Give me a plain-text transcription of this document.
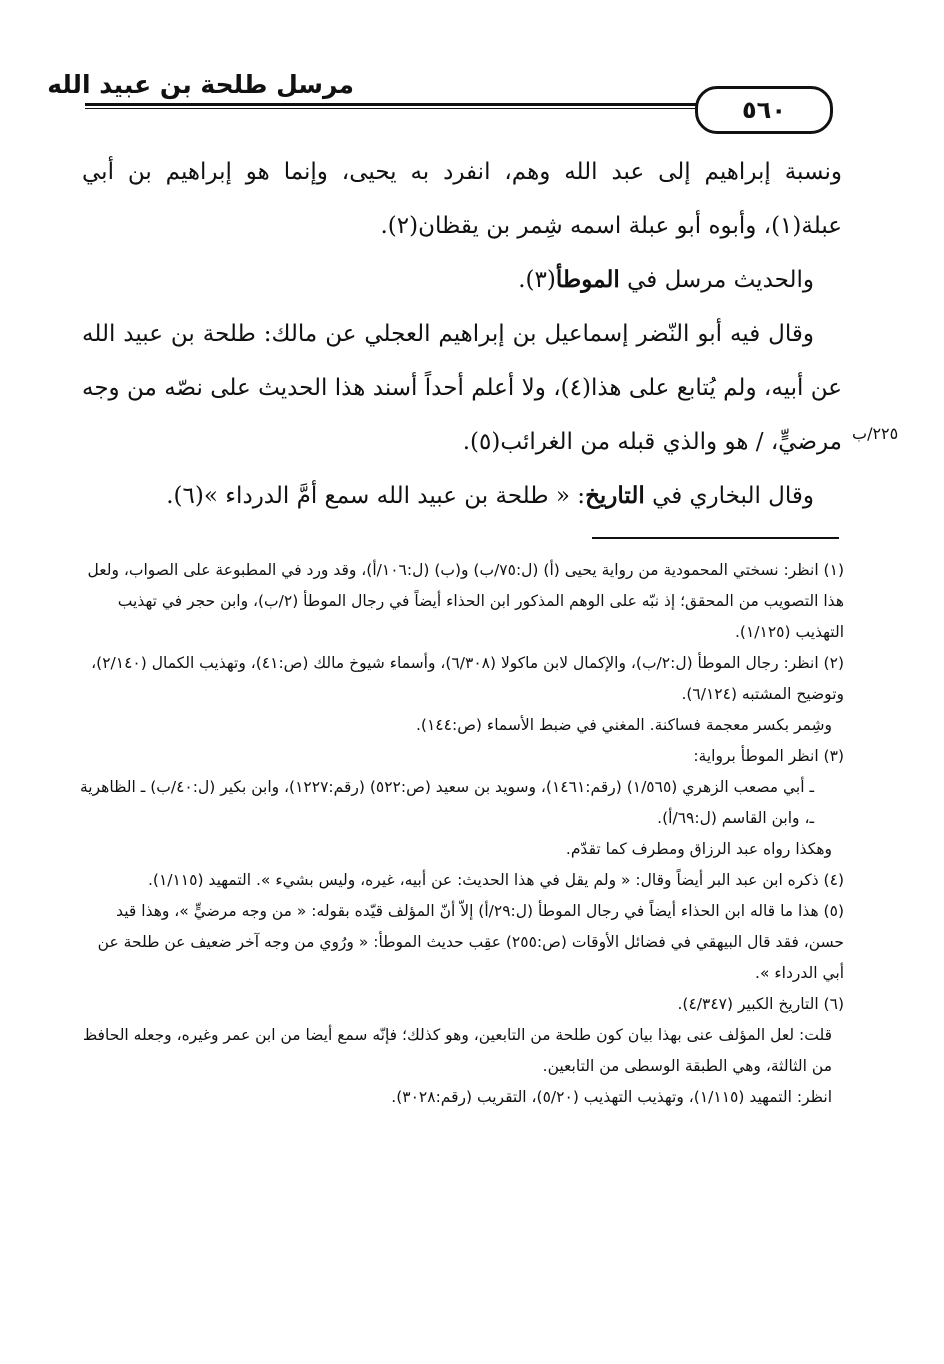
مرسل طلحة بن عبيد الله
٥٦٠

ونسبة إبراهيم إلى عبد الله وهم، انفرد به يحيى، وإنما هو إبراهيم بن أبي عبلة(١)، وأبوه أبو عبلة اسمه شِمر بن يقظان(٢).

والحديث مرسل في الموطأ(٣).

وقال فيه أبو النّضر إسماعيل بن إبراهيم العجلي عن مالك: طلحة بن عبيد الله عن أبيه، ولم يُتابع على هذا(٤)، ولا أعلم أحداً أسند هذا الحديث على نصّه من وجه مرضيٍّ، / هو والذي قبله من الغرائب(٥).

وقال البخاري في التاريخ: « طلحة بن عبيد الله سمع أمَّ الدرداء »(٦).

٢٢٥/ب

(١) انظر: نسختي المحمودية من رواية يحيى (أ) (ل:٧٥/ب) و(ب) (ل:١٠٦/أ)، وقد ورد في المطبوعة على الصواب، ولعل هذا التصويب من المحقق؛ إذ نبّه على الوهم المذكور ابن الحذاء أيضاً في رجال الموطأ (٢/ب)، وابن حجر في تهذيب التهذيب (١/١٢٥).

(٢) انظر: رجال الموطأ (ل:٢/ب)، والإكمال لابن ماكولا (٦/٣٠٨)، وأسماء شيوخ مالك (ص:٤١)، وتهذيب الكمال (٢/١٤٠)، وتوضيح المشتبه (٦/١٢٤).

وشِمر بكسر معجمة فساكنة. المغني في ضبط الأسماء (ص:١٤٤).

(٣) انظر الموطأ برواية:

ـ أبي مصعب الزهري (١/٥٦٥) (رقم:١٤٦١)، وسويد بن سعيد (ص:٥٢٢) (رقم:١٢٢٧)، وابن بكير (ل:٤٠/ب) ـ الظاهرية ـ، وابن القاسم (ل:٦٩/أ).

وهكذا رواه عبد الرزاق ومطرف كما تقدّم.

(٤) ذكره ابن عبد البر أيضاً وقال: « ولم يقل في هذا الحديث: عن أبيه، غيره، وليس بشيء ». التمهيد (١/١١٥).

(٥) هذا ما قاله ابن الحذاء أيضاً في رجال الموطأ (ل:٢٩/أ) إلاّ أنّ المؤلف قيّده بقوله: « من وجه مرضيٍّ »، وهذا قيد حسن، فقد قال البيهقي في فضائل الأوقات (ص:٢٥٥) عقِب حديث الموطأ: « ورُوي من وجه آخر ضعيف عن طلحة عن أبي الدرداء ».

(٦) التاريخ الكبير (٤/٣٤٧).

قلت: لعل المؤلف عنى بهذا بيان كون طلحة من التابعين، وهو كذلك؛ فإنّه سمع أيضا من ابن عمر وغيره، وجعله الحافظ من الثالثة، وهي الطبقة الوسطى من التابعين.

انظر: التمهيد (١/١١٥)، وتهذيب التهذيب (٥/٢٠)، التقريب (رقم:٣٠٢٨).
